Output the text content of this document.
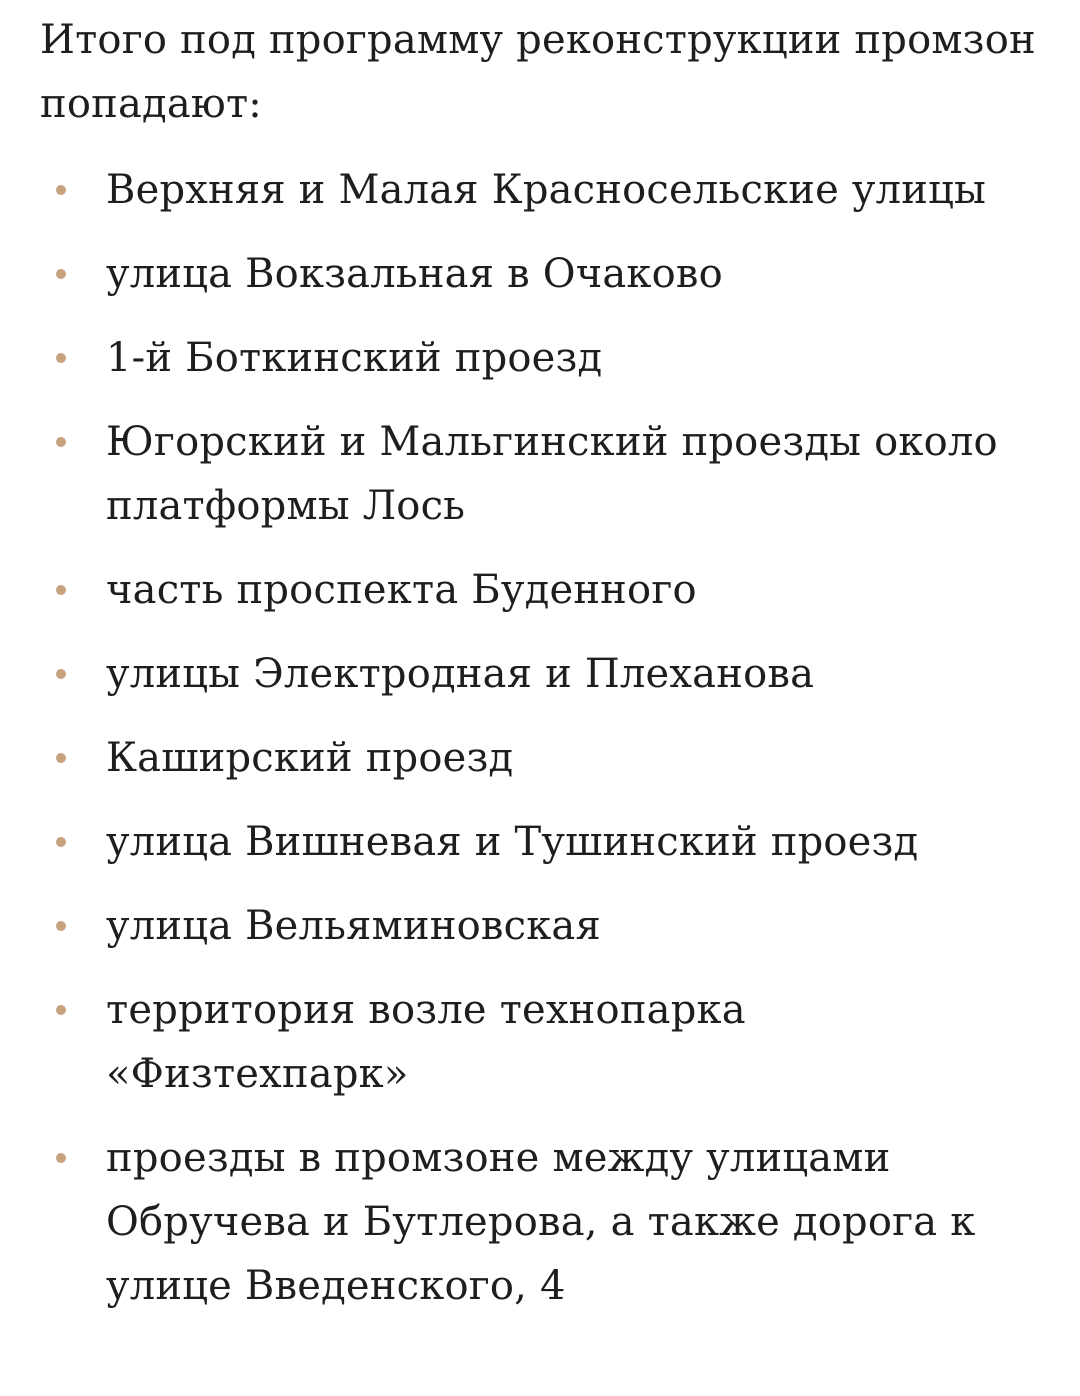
Итого под программу реконструкции промзон попадают:

Верхняя и Малая Красносельские улицы
улица Вокзальная в Очаково
1-й Боткинский проезд
Югорский и Мальгинский проезды около платформы Лось
часть проспекта Буденного
улицы Электродная и Плеханова
Каширский проезд
улица Вишневая и Тушинский проезд
улица Вельяминовская
территория возле технопарка «Физтехпарк»
проезды в промзоне между улицами Обручева и Бутлерова, а также дорога к улице Введенского, 4
